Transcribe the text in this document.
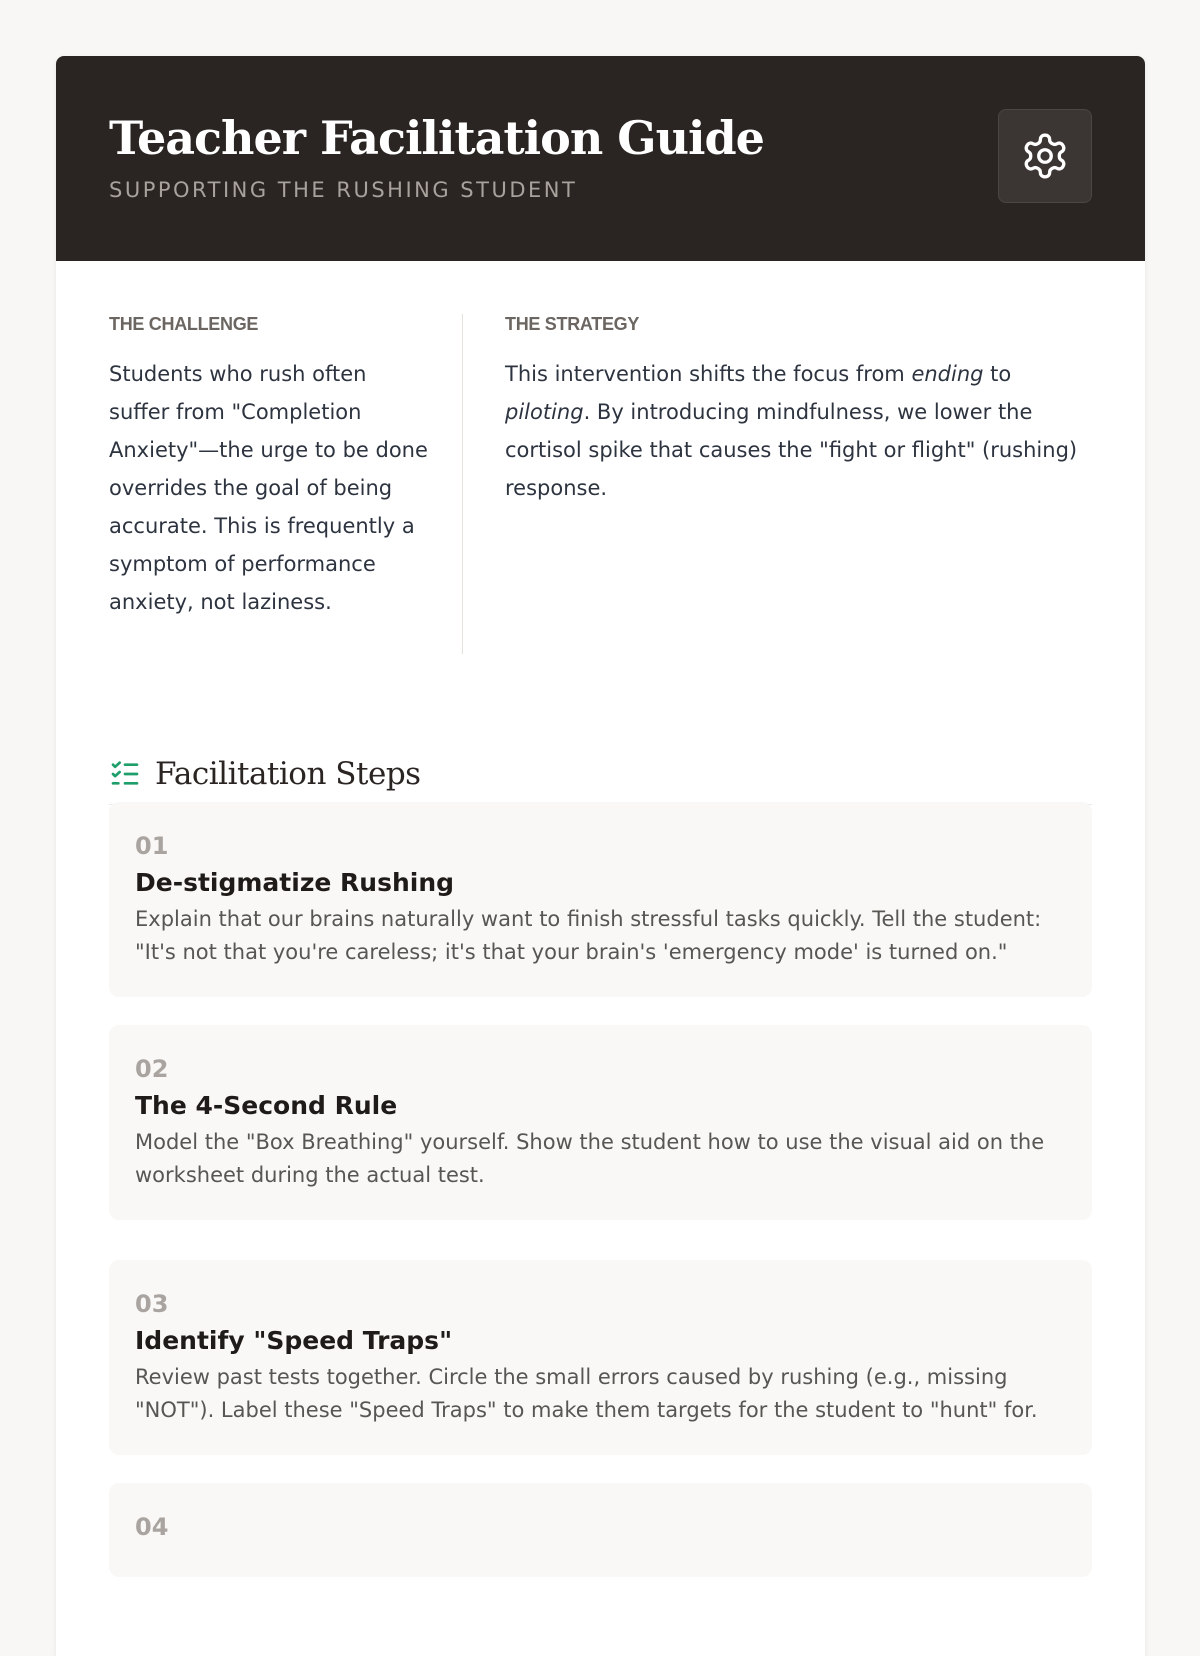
Teacher Facilitation Guide
SUPPORTING THE RUSHING STUDENT
THE CHALLENGE

Students who rush often suffer from "Completion Anxiety"—the urge to be done overrides the goal of being accurate. This is frequently a symptom of performance anxiety, not laziness.

THE STRATEGY

This intervention shifts the focus from ending to piloting. By introducing mindfulness, we lower the cortisol spike that causes the "fight or flight" (rushing) response.

Facilitation Steps
01
De-stigmatize Rushing

Explain that our brains naturally want to finish stressful tasks quickly. Tell the student: "It's not that you're careless; it's that your brain's 'emergency mode' is turned on."

02
The 4-Second Rule

Model the "Box Breathing" yourself. Show the student how to use the visual aid on the worksheet during the actual test.

03
Identify "Speed Traps"

Review past tests together. Circle the small errors caused by rushing (e.g., missing "NOT"). Label these "Speed Traps" to make them targets for the student to "hunt" for.

04
